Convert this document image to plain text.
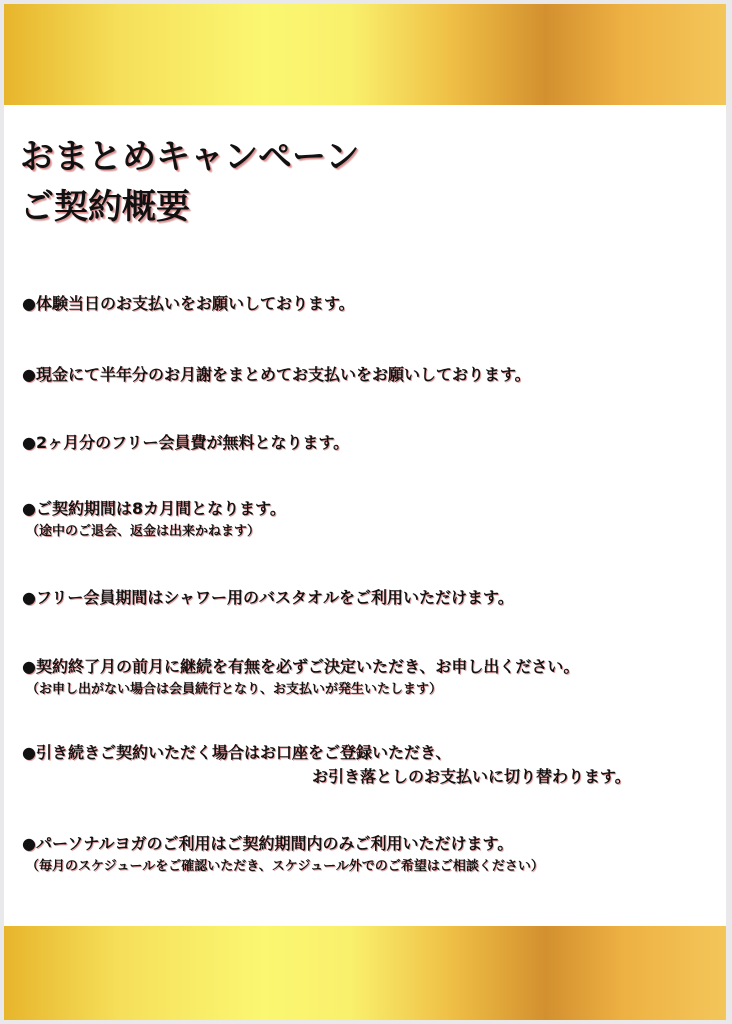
おまとめキャンペーン
ご契約概要
●体験当日のお支払いをお願いしております。
●現金にて半年分のお月謝をまとめてお支払いをお願いしております。
●2ヶ月分のフリー会員費が無料となります。
●ご契約期間は8カ月間となります。
（途中のご退会、返金は出来かねます）
●フリー会員期間はシャワー用のバスタオルをご利用いただけます。
●契約終了月の前月に継続を有無を必ずご決定いただき、お申し出ください。
（お申し出がない場合は会員続行となり、お支払いが発生いたします）
●引き続きご契約いただく場合はお口座をご登録いただき、
お引き落としのお支払いに切り替わります。
●パーソナルヨガのご利用はご契約期間内のみご利用いただけます。
（毎月のスケジュールをご確認いただき、スケジュール外でのご希望はご相談ください）
